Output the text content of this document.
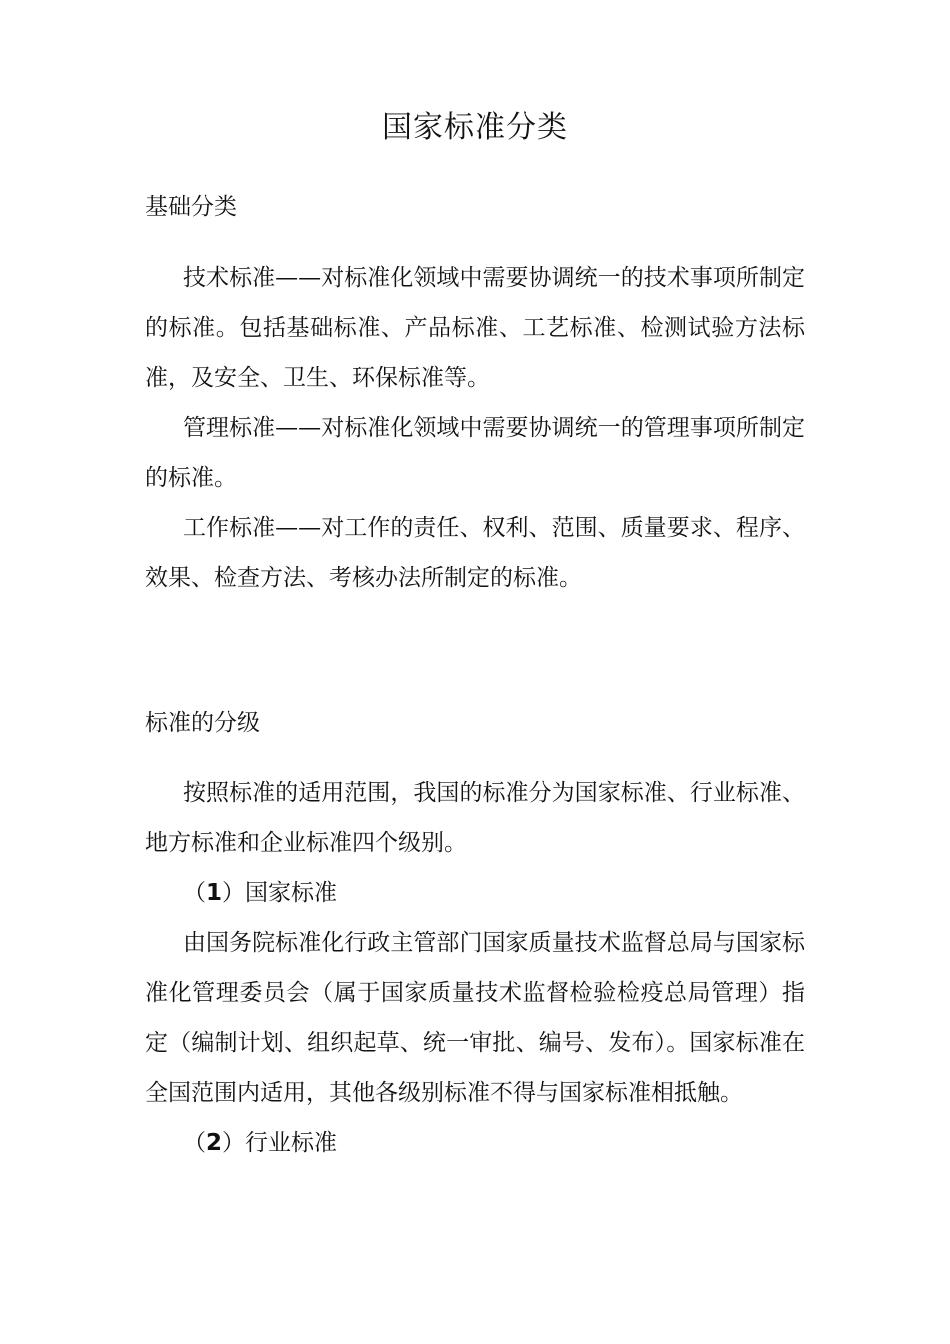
国家标准分类
基础分类

技术标准——对标准化领域中需要协调统一的技术事项所制定的标准。包括基础标准、产品标准、工艺标准、检测试验方法标准，及安全、卫生、环保标准等。

管理标准——对标准化领域中需要协调统一的管理事项所制定的标准。

工作标准——对工作的责任、权利、范围、质量要求、程序、效果、检查方法、考核办法所制定的标准。

标准的分级

按照标准的适用范围，我国的标准分为国家标准、行业标准、地方标准和企业标准四个级别。

（1）国家标准

由国务院标准化行政主管部门国家质量技术监督总局与国家标准化管理委员会（属于国家质量技术监督检验检疫总局管理）指定（编制计划、组织起草、统一审批、编号、发布）。国家标准在全国范围内适用，其他各级别标准不得与国家标准相抵触。

（2）行业标准
